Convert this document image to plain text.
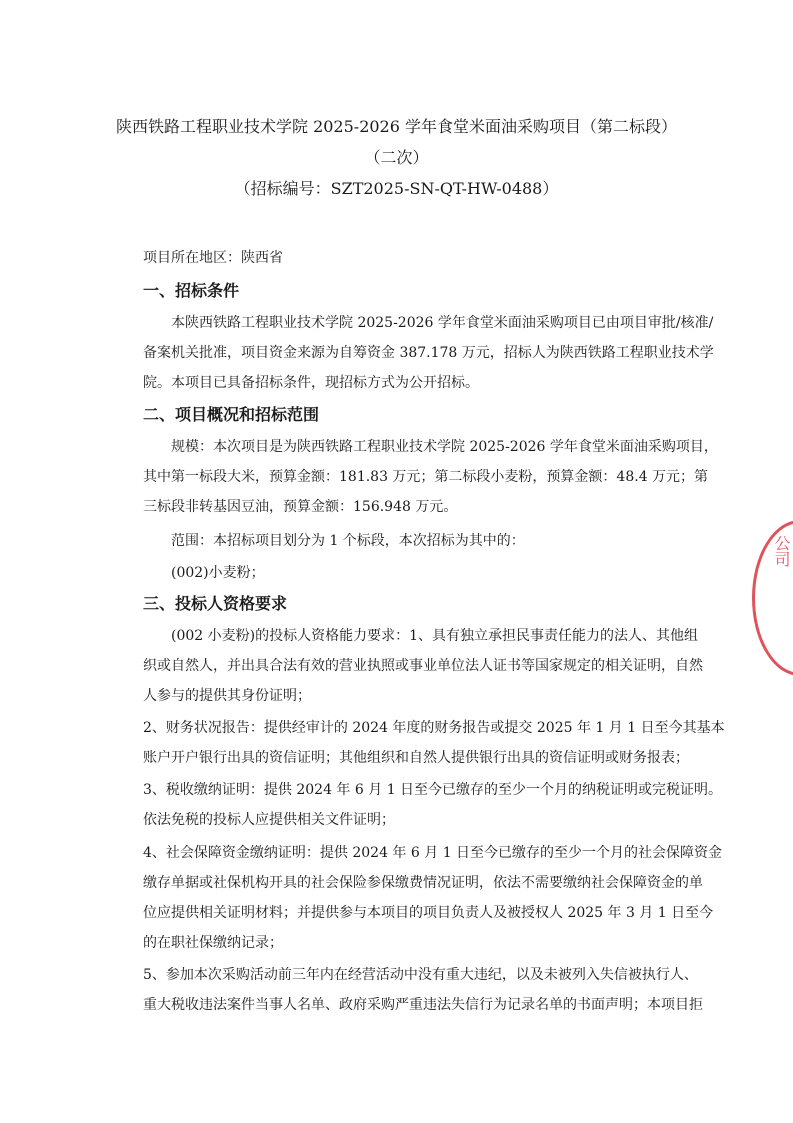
陕西铁路工程职业技术学院 2025-2026 学年食堂米面油采购项目（第二标段）
（二次）
（招标编号：SZT2025-SN-QT-HW-0488）
项目所在地区：陕西省
一、招标条件
本陕西铁路工程职业技术学院 2025-2026 学年食堂米面油采购项目已由项目审批/核准/
备案机关批准，项目资金来源为自筹资金 387.178 万元，招标人为陕西铁路工程职业技术学
院。本项目已具备招标条件，现招标方式为公开招标。
二、项目概况和招标范围
规模：本次项目是为陕西铁路工程职业技术学院 2025-2026 学年食堂米面油采购项目，
其中第一标段大米，预算金额：181.83 万元；第二标段小麦粉，预算金额：48.4 万元；第
三标段非转基因豆油，预算金额：156.948 万元。
范围：本招标项目划分为 1 个标段，本次招标为其中的：
(002)小麦粉；
三、投标人资格要求
(002 小麦粉)的投标人资格能力要求：1、具有独立承担民事责任能力的法人、其他组
织或自然人，并出具合法有效的营业执照或事业单位法人证书等国家规定的相关证明，自然
人参与的提供其身份证明；
2、财务状况报告：提供经审计的 2024 年度的财务报告或提交 2025 年 1 月 1 日至今其基本
账户开户银行出具的资信证明；其他组织和自然人提供银行出具的资信证明或财务报表；
3、税收缴纳证明：提供 2024 年 6 月 1 日至今已缴存的至少一个月的纳税证明或完税证明。
依法免税的投标人应提供相关文件证明；
4、社会保障资金缴纳证明：提供 2024 年 6 月 1 日至今已缴存的至少一个月的社会保障资金
缴存单据或社保机构开具的社会保险参保缴费情况证明，依法不需要缴纳社会保障资金的单
位应提供相关证明材料；并提供参与本项目的项目负责人及被授权人 2025 年 3 月 1 日至今
的在职社保缴纳记录；
5、参加本次采购活动前三年内在经营活动中没有重大违纪，以及未被列入失信被执行人、
重大税收违法案件当事人名单、政府采购严重违法失信行为记录名单的书面声明；本项目拒
公司
